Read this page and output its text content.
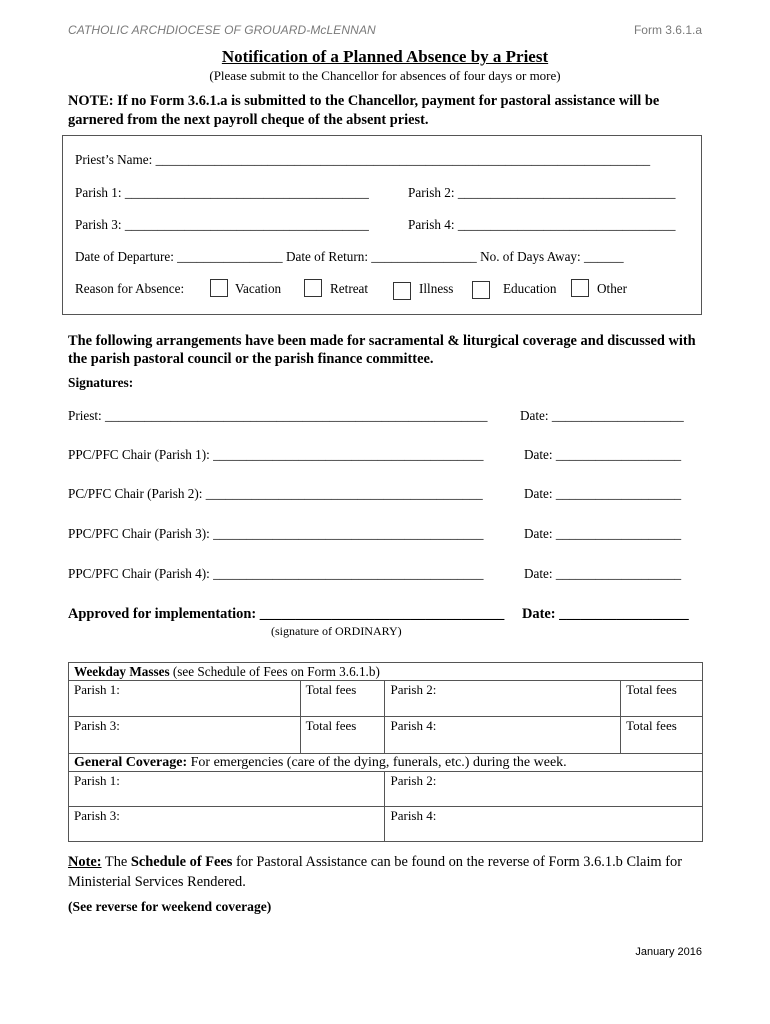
CATHOLIC ARCHDIOCESE OF GROUARD-McLENNAN	Form 3.6.1.a
Notification of a Planned Absence by a Priest
(Please submit to the Chancellor for absences of four days or more)
NOTE: If no Form 3.6.1.a is submitted to the Chancellor, payment for pastoral assistance will be garnered from the next payroll cheque of the absent priest.
Priest’s Name: ___________________________________________________________________________
Parish 1: _____________________________________	Parish 2: _________________________________
Parish 3: _____________________________________	Parish 4: _________________________________
Date of Departure: ________________ Date of Return: ________________ No. of Days Away: ______
Reason for Absence:	Vacation	Retreat	Illness	Education	Other
The following arrangements have been made for sacramental & liturgical coverage and discussed with the parish pastoral council or the parish finance committee.
Signatures:
Priest: __________________________________________________________ Date: ____________________
PPC/PFC Chair (Parish 1): _________________________________________	Date: ___________________
PC/PFC Chair (Parish 2): __________________________________________	Date: ___________________
PPC/PFC Chair (Parish 3): _________________________________________	Date: ___________________
PPC/PFC Chair (Parish 4): _________________________________________	Date: ___________________
Approved for implementation: __________________________________ Date: __________________
(signature of ORDINARY)
Weekday Masses (see Schedule of Fees on Form 3.6.1.b)			
Parish 1:	Total fees	Parish 2:	Total fees
Parish 3:	Total fees	Parish 4:	Total fees
General Coverage: For emergencies (care of the dying, funerals, etc.) during the week.			
Parish 1:		Parish 2:	
Parish 3:		Parish 4:	
Note: The Schedule of Fees for Pastoral Assistance can be found on the reverse of Form 3.6.1.b Claim for Ministerial Services Rendered.
(See reverse for weekend coverage)
January 2016
